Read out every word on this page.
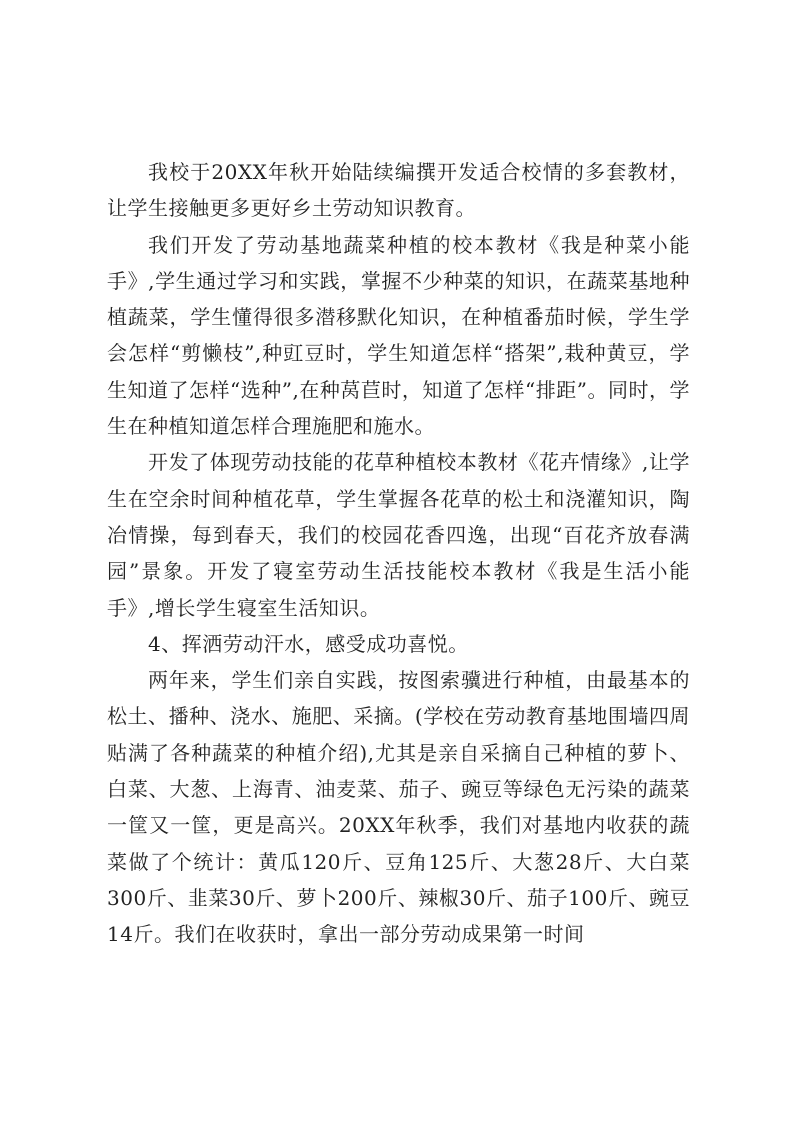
我校于20XX年秋开始陆续编撰开发适合校情的多套教材，让学生接触更多更好乡土劳动知识教育。

我们开发了劳动基地蔬菜种植的校本教材《我是种菜小能手》,学生通过学习和实践，掌握不少种菜的知识，在蔬菜基地种植蔬菜，学生懂得很多潜移默化知识，在种植番茄时候，学生学会怎样“剪懒枝”,种豇豆时，学生知道怎样“搭架”,栽种黄豆，学生知道了怎样“选种”,在种莴苣时，知道了怎样“排距”。同时，学生在种植知道怎样合理施肥和施水。

开发了体现劳动技能的花草种植校本教材《花卉情缘》,让学生在空余时间种植花草，学生掌握各花草的松土和浇灌知识，陶冶情操，每到春天，我们的校园花香四逸，出现“百花齐放春满园”景象。开发了寝室劳动生活技能校本教材《我是生活小能手》,增长学生寝室生活知识。

4、挥洒劳动汗水，感受成功喜悦。

两年来，学生们亲自实践，按图索骥进行种植，由最基本的松土、播种、浇水、施肥、采摘。(学校在劳动教育基地围墙四周贴满了各种蔬菜的种植介绍),尤其是亲自采摘自己种植的萝卜、白菜、大葱、上海青、油麦菜、茄子、豌豆等绿色无污染的蔬菜一筐又一筐，更是高兴。20XX年秋季，我们对基地内收获的蔬菜做了个统计：黄瓜120斤、豆角125斤、大葱28斤、大白菜300斤、韭菜30斤、萝卜200斤、辣椒30斤、茄子100斤、豌豆14斤。我们在收获时，拿出一部分劳动成果第一时间
